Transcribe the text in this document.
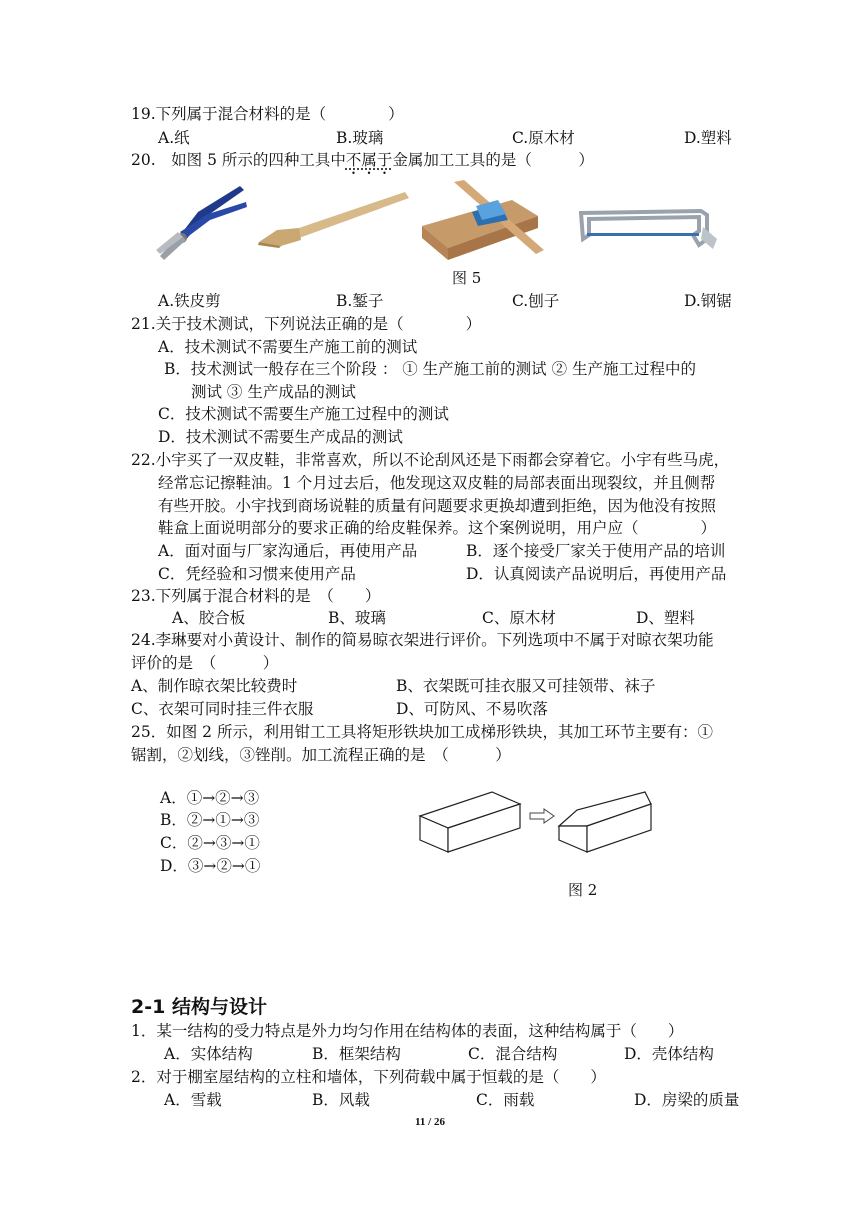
19.下列属于混合材料的是（　　　　）
A.纸	B.玻璃	C.原木材	D.塑料
20.　如图 5 所示的四种工具中不属于金属加工工具的是（　　　）
图 5
A.铁皮剪	B.錾子	C.刨子	D.钢锯
21.关于技术测试，下列说法正确的是（　　　　）
A．技术测试不需要生产施工前的测试
B．技术测试一般存在三个阶段 ： ① 生产施工前的测试 ② 生产施工过程中的
测试 ③ 生产成品的测试
C．技术测试不需要生产施工过程中的测试
D．技术测试不需要生产成品的测试
22.小宇买了一双皮鞋，非常喜欢，所以不论刮风还是下雨都会穿着它。小宇有些马虎，
经常忘记擦鞋油。1 个月过去后，他发现这双皮鞋的局部表面出现裂纹，并且侧帮
有些开胶。小宇找到商场说鞋的质量有问题要求更换却遭到拒绝，因为他没有按照
鞋盒上面说明部分的要求正确的给皮鞋保养。这个案例说明，用户应（　　　　）
A．面对面与厂家沟通后，再使用产品	B．逐个接受厂家关于使用产品的培训
C．凭经验和习惯来使用产品	D．认真阅读产品说明后，再使用产品
23.下列属于混合材料的是　（　　）
A、胶合板	B、玻璃	C、原木材	D、塑料
24.李琳要对小黄设计、制作的简易晾衣架进行评价。下列选项中不属于对晾衣架功能
评价的是　（　　　）
A、制作晾衣架比较费时	B、衣架既可挂衣服又可挂领带、袜子
C、衣架可同时挂三件衣服	D、可防风、不易吹落
25．如图 2 所示，利用钳工工具将矩形铁块加工成梯形铁块，其加工环节主要有：①
锯割，②划线，③锉削。加工流程正确的是　（　　　）
A．①→②→③
B．②→①→③
C．②→③→①
D．③→②→①
图 2
2-1 结构与设计
1．某一结构的受力特点是外力均匀作用在结构体的表面，这种结构属于（　　）
A．实体结构	B．框架结构	C．混合结构	D．壳体结构
2．对于棚室屋结构的立柱和墙体，下列荷载中属于恒载的是（　　）
A．雪载	B．风载	C．雨载	D．房梁的质量
11 / 26
